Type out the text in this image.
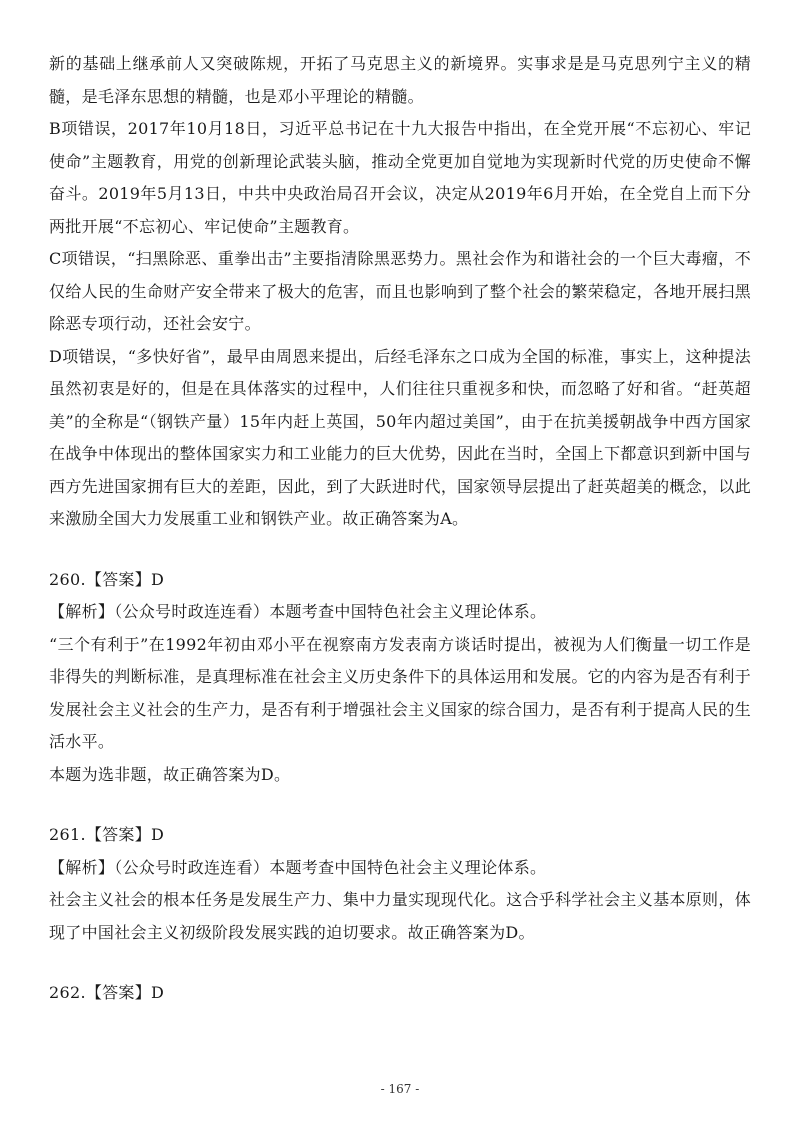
新的基础上继承前人又突破陈规，开拓了马克思主义的新境界。实事求是是马克思列宁主义的精髓，是毛泽东思想的精髓，也是邓小平理论的精髓。

B项错误，2017年10月18日，习近平总书记在十九大报告中指出，在全党开展“不忘初心、牢记使命”主题教育，用党的创新理论武装头脑，推动全党更加自觉地为实现新时代党的历史使命不懈奋斗。2019年5月13日，中共中央政治局召开会议，决定从2019年6月开始，在全党自上而下分两批开展“不忘初心、牢记使命”主题教育。

C项错误，“扫黑除恶、重拳出击”主要指清除黑恶势力。黑社会作为和谐社会的一个巨大毒瘤，不仅给人民的生命财产安全带来了极大的危害，而且也影响到了整个社会的繁荣稳定，各地开展扫黑除恶专项行动，还社会安宁。

D项错误，“多快好省”，最早由周恩来提出，后经毛泽东之口成为全国的标准，事实上，这种提法虽然初衷是好的，但是在具体落实的过程中，人们往往只重视多和快，而忽略了好和省。“赶英超美”的全称是“（钢铁产量）15年内赶上英国，50年内超过美国”，由于在抗美援朝战争中西方国家在战争中体现出的整体国家实力和工业能力的巨大优势，因此在当时，全国上下都意识到新中国与西方先进国家拥有巨大的差距，因此，到了大跃进时代，国家领导层提出了赶英超美的概念，以此来激励全国大力发展重工业和钢铁产业。故正确答案为A。

260.【答案】D

【解析】（公众号时政连连看）本题考查中国特色社会主义理论体系。

“三个有利于”在1992年初由邓小平在视察南方发表南方谈话时提出，被视为人们衡量一切工作是非得失的判断标准，是真理标准在社会主义历史条件下的具体运用和发展。它的内容为是否有利于发展社会主义社会的生产力，是否有利于增强社会主义国家的综合国力，是否有利于提高人民的生活水平。

本题为选非题，故正确答案为D。

261.【答案】D

【解析】（公众号时政连连看）本题考查中国特色社会主义理论体系。

社会主义社会的根本任务是发展生产力、集中力量实现现代化。这合乎科学社会主义基本原则，体现了中国社会主义初级阶段发展实践的迫切要求。故正确答案为D。

262.【答案】D

- 167 -
